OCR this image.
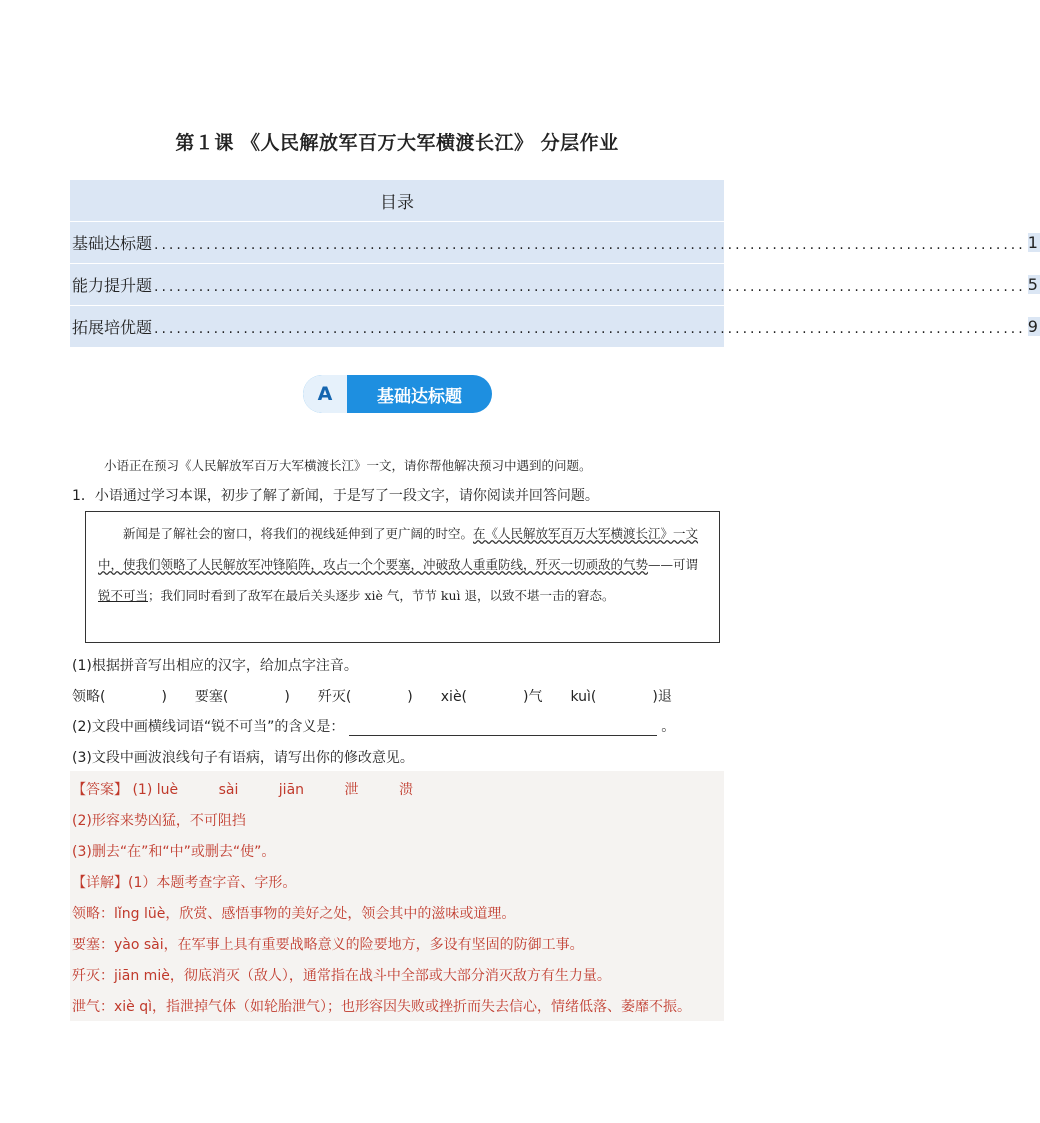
第１课 《人民解放军百万大军横渡长江》 分层作业
目录
基础达标题 ..................................................................................................................... 1
能力提升题 ..................................................................................................................... 5
拓展培优题 ..................................................................................................................... 9
A	基础达标题
小语正在预习《人民解放军百万大军横渡长江》一文，请你帮他解决预习中遇到的问题。
1．小语通过学习本课，初步了解了新闻，于是写了一段文字，请你阅读并回答问题。

新闻是了解社会的窗口，将我们的视线延伸到了更广阔的时空。在《人民解放军百万大军横渡长江》一文中，使我们领略了人民解放军冲锋陷阵，攻占一个个要塞，冲破敌人重重防线，歼灭一切顽敌的气势——可谓锐不可当；我们同时看到了敌军在最后关头逐步 xiè 气，节节 kuì 退，以致不堪一击的窘态。

(1)根据拼音写出相应的汉字，给加点字注音。
领略(　　　　)　　要塞(　　　　)　　歼灭(　　　　)　　xiè(　　　　)气　　kuì(　　　　)退
(2)文段中画横线词语“锐不可当”的含义是：	。
(3)文段中画波浪线句子有语病，请写出你的修改意见。
【答案】 (1) luè	sài	jiān	泄	溃
(2)形容来势凶猛，不可阻挡
(3)删去“在”和“中”或删去“使”。
【详解】(1）本题考查字音、字形。
领略：lǐng lüè，欣赏、感悟事物的美好之处，领会其中的滋味或道理。
要塞：yào sài，在军事上具有重要战略意义的险要地方，多设有坚固的防御工事。
歼灭：jiān miè，彻底消灭（敌人），通常指在战斗中全部或大部分消灭敌方有生力量。
泄气：xiè qì，指泄掉气体（如轮胎泄气）；也形容因失败或挫折而失去信心，情绪低落、萎靡不振。
